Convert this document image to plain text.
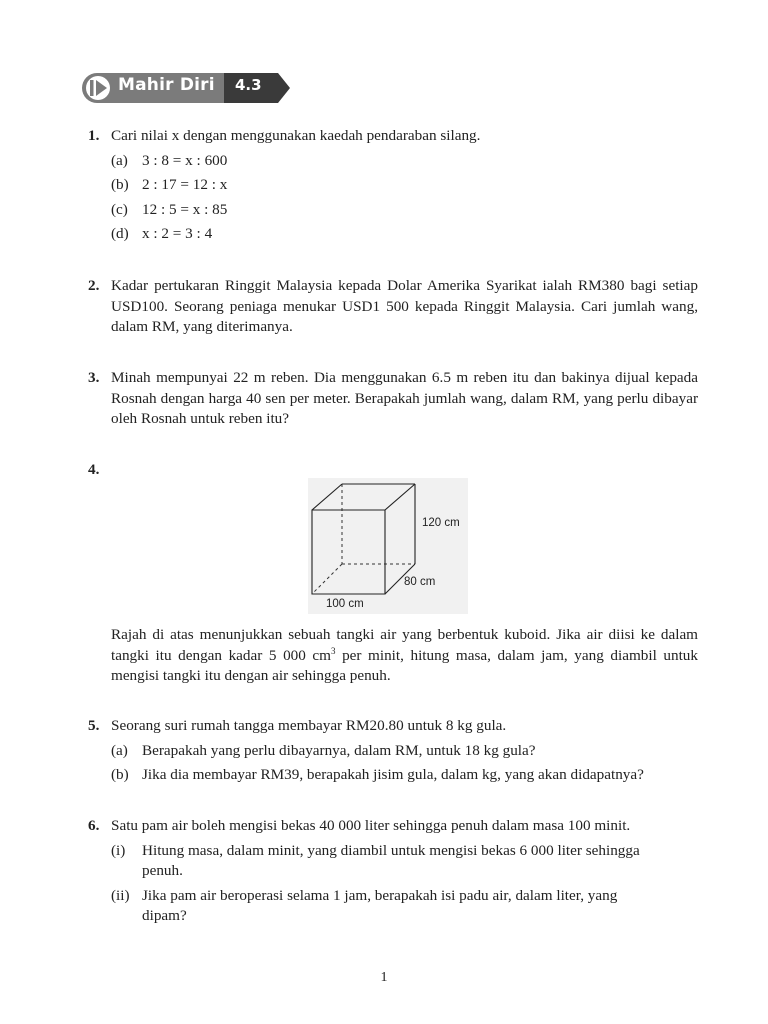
Mahir Diri 4.3
1. Cari nilai x dengan menggunakan kaedah pendaraban silang.
(a) 3 : 8 = x : 600
(b) 2 : 17 = 12 : x
(c) 12 : 5 = x : 85
(d) x : 2 = 3 : 4
2. Kadar pertukaran Ringgit Malaysia kepada Dolar Amerika Syarikat ialah RM380 bagi setiap USD100. Seorang peniaga menukar USD1 500 kepada Ringgit Malaysia. Cari jumlah wang, dalam RM, yang diterimanya.
3. Minah mempunyai 22 m reben. Dia menggunakan 6.5 m reben itu dan bakinya dijual kepada Rosnah dengan harga 40 sen per meter. Berapakah jumlah wang, dalam RM, yang perlu dibayar oleh Rosnah untuk reben itu?
4.
120 cm
80 cm
100 cm
Rajah di atas menunjukkan sebuah tangki air yang berbentuk kuboid. Jika air diisi ke dalam tangki itu dengan kadar 5 000 $cm^3$ per minit, hitung masa, dalam jam, yang diambil untuk mengisi tangki itu dengan air sehingga penuh.
5. Seorang suri rumah tangga membayar RM20.80 untuk 8 kg gula.
(a) Berapakah yang perlu dibayarnya, dalam RM, untuk 18 kg gula?
(b) Jika dia membayar RM39, berapakah jisim gula, dalam kg, yang akan didapatnya?
6. Satu pam air boleh mengisi bekas 40 000 liter sehingga penuh dalam masa 100 minit.
(i) Hitung masa, dalam minit, yang diambil untuk mengisi bekas 6 000 liter sehingga penuh.
(ii) Jika pam air beroperasi selama 1 jam, berapakah isi padu air, dalam liter, yang dipam?
1
